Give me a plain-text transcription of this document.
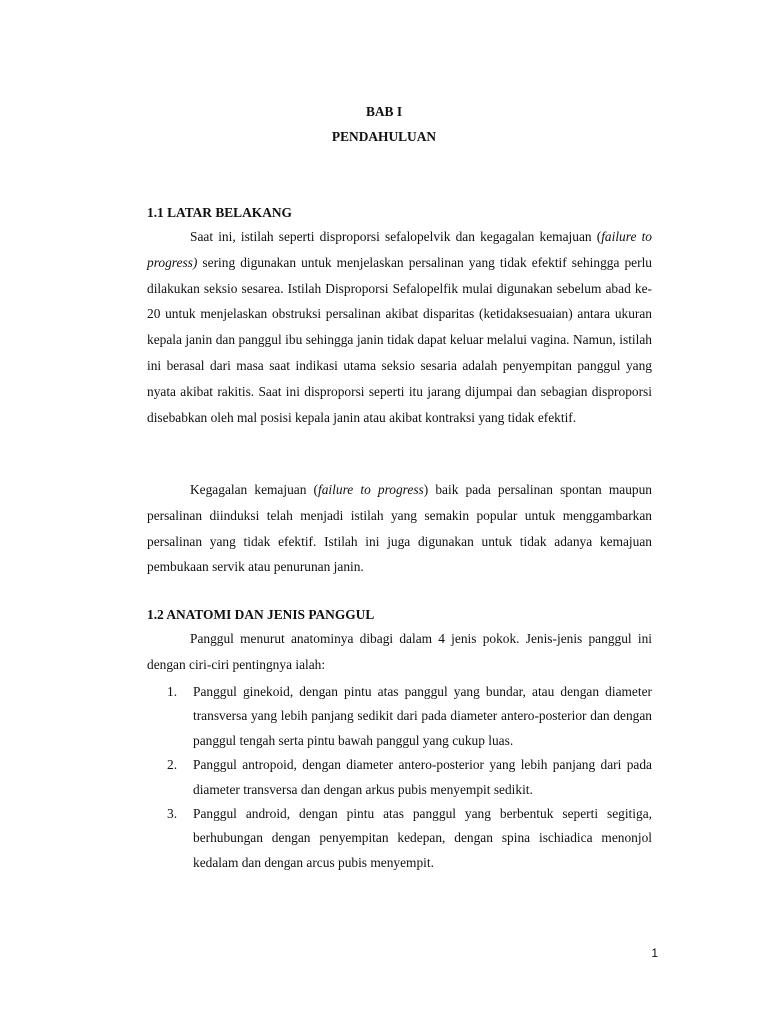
BAB I

PENDAHULUAN

1.1 LATAR BELAKANG

Saat ini, istilah seperti disproporsi sefalopelvik dan kegagalan kemajuan (failure to progress) sering digunakan untuk menjelaskan persalinan yang tidak efektif sehingga perlu dilakukan seksio sesarea. Istilah Disproporsi Sefalopelfik mulai digunakan sebelum abad ke-20 untuk menjelaskan obstruksi persalinan akibat disparitas (ketidaksesuaian) antara ukuran kepala janin dan panggul ibu sehingga janin tidak dapat keluar melalui vagina. Namun, istilah ini berasal dari masa saat indikasi utama seksio sesaria adalah penyempitan panggul yang nyata akibat rakitis. Saat ini disproporsi seperti itu jarang dijumpai dan sebagian disproporsi disebabkan oleh mal posisi kepala janin atau akibat kontraksi yang tidak efektif.

Kegagalan kemajuan (failure to progress) baik pada persalinan spontan maupun persalinan diinduksi telah menjadi istilah yang semakin popular untuk menggambarkan persalinan yang tidak efektif. Istilah ini juga digunakan untuk tidak adanya kemajuan pembukaan servik atau penurunan janin.

1.2 ANATOMI DAN JENIS PANGGUL

Panggul menurut anatominya dibagi dalam 4 jenis pokok. Jenis-jenis panggul ini dengan ciri-ciri pentingnya ialah:

1. Panggul ginekoid, dengan pintu atas panggul yang bundar, atau dengan diameter transversa yang lebih panjang sedikit dari pada diameter antero-posterior dan dengan panggul tengah serta pintu bawah panggul yang cukup luas.
2. Panggul antropoid, dengan diameter antero-posterior yang lebih panjang dari pada diameter transversa dan dengan arkus pubis menyempit sedikit.
3. Panggul android, dengan pintu atas panggul yang berbentuk seperti segitiga, berhubungan dengan penyempitan kedepan, dengan spina ischiadica menonjol kedalam dan dengan arcus pubis menyempit.
1
